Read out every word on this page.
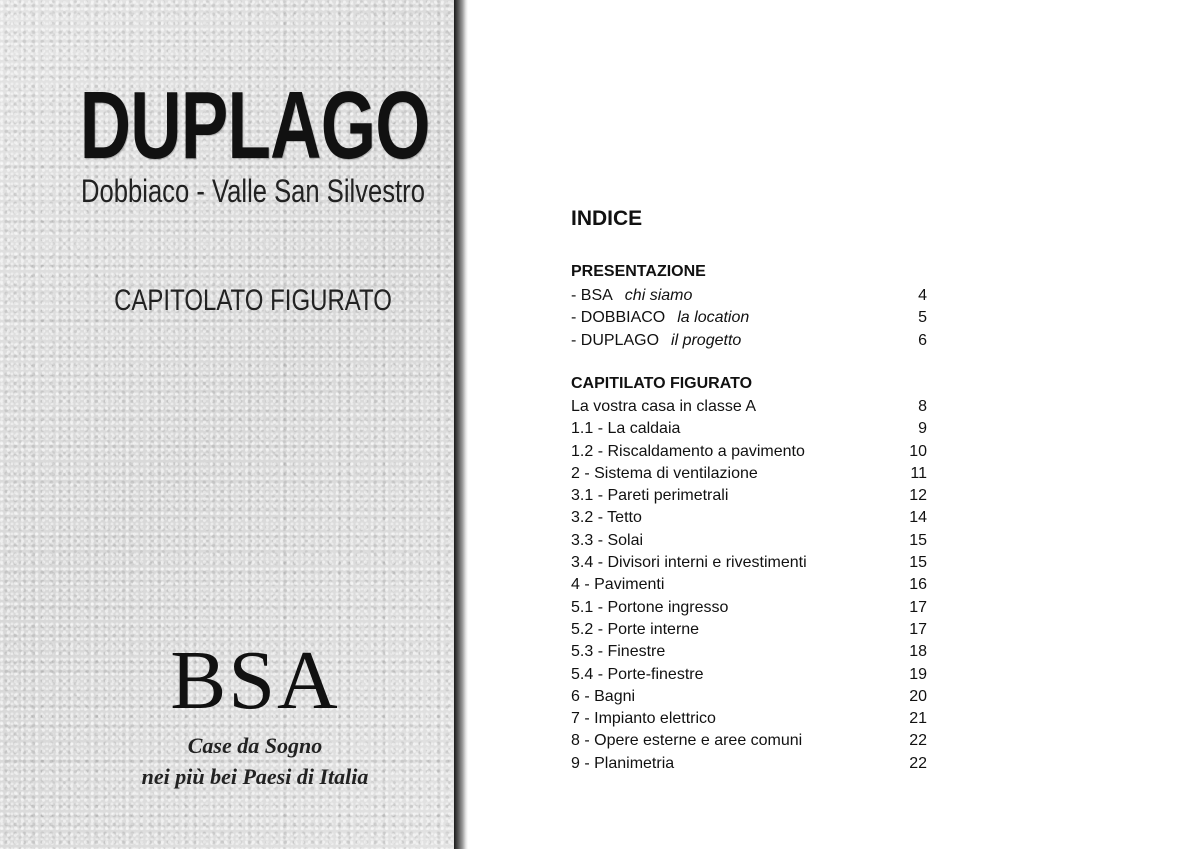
DUPLAGO
Dobbiaco - Valle San Silvestro
CAPITOLATO FIGURATO
BSA
Case da Sogno
nei più bei Paesi di Italia
INDICE
PRESENTAZIONE
- BSA chi siamo	4
- DOBBIACO la location	5
- DUPLAGO il progetto	6
CAPITILATO FIGURATO
La vostra casa in classe A	8
1.1 - La caldaia	9
1.2 - Riscaldamento a pavimento	10
2 - Sistema di ventilazione	11
3.1 - Pareti perimetrali	12
3.2 - Tetto	14
3.3 - Solai	15
3.4 - Divisori interni e rivestimenti	15
4 - Pavimenti	16
5.1 - Portone ingresso	17
5.2 - Porte interne	17
5.3 - Finestre	18
5.4 - Porte-finestre	19
6 - Bagni	20
7 - Impianto elettrico	21
8 - Opere esterne e aree comuni	22
9 - Planimetria	22
